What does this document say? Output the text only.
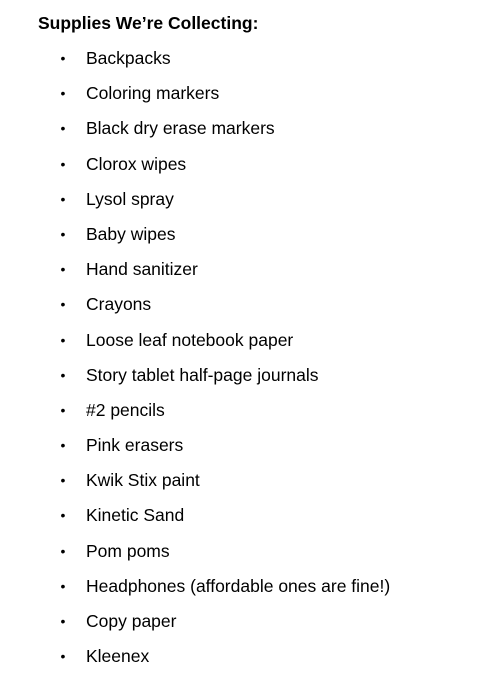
Supplies We’re Collecting:
• Backpacks
• Coloring markers
• Black dry erase markers
• Clorox wipes
• Lysol spray
• Baby wipes
• Hand sanitizer
• Crayons
• Loose leaf notebook paper
• Story tablet half-page journals
• #2 pencils
• Pink erasers
• Kwik Stix paint
• Kinetic Sand
• Pom poms
• Headphones (affordable ones are fine!)
• Copy paper
• Kleenex
